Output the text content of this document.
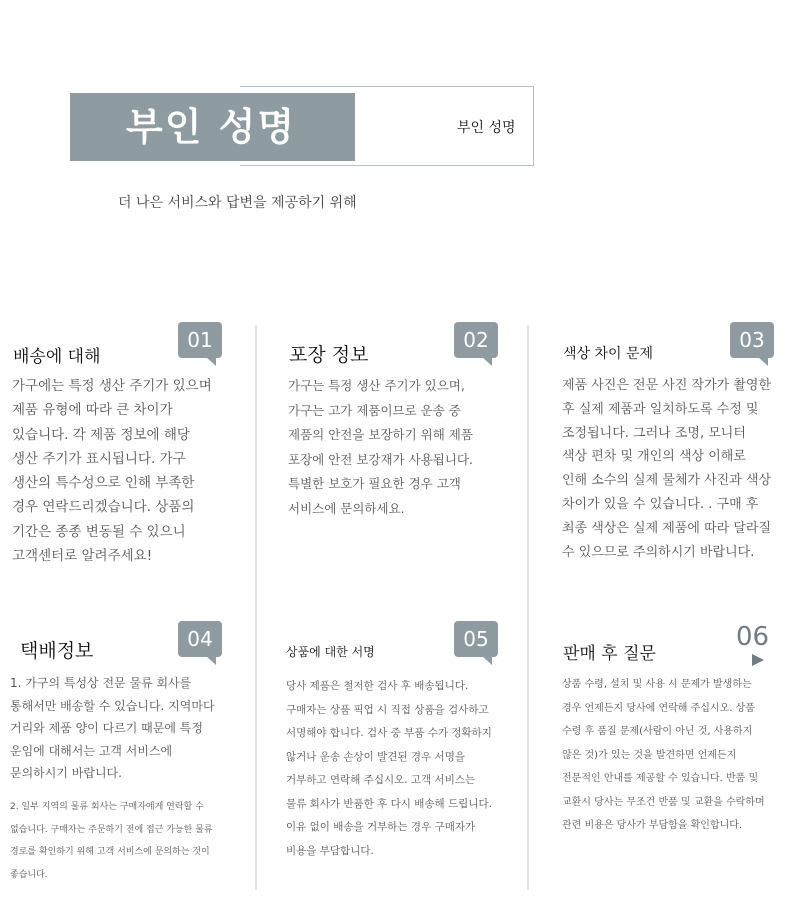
부인 성명	부인 성명
더 나은 서비스와 답변을 제공하기 위해
배송에 대해
01

가구에는 특정 생산 주기가 있으며 제품 유형에 따라 큰 차이가 있습니다. 각 제품 정보에 해당 생산 주기가 표시됩니다. 가구 생산의 특수성으로 인해 부족한 경우 연락드리겠습니다. 상품의 기간은 종종 변동될 수 있으니 고객센터로 알려주세요!

포장 정보
02

가구는 특정 생산 주기가 있으며, 가구는 고가 제품이므로 운송 중 제품의 안전을 보장하기 위해 제품 포장에 안전 보강재가 사용됩니다. 특별한 보호가 필요한 경우 고객 서비스에 문의하세요.

색상 차이 문제
03

제품 사진은 전문 사진 작가가 촬영한 후 실제 제품과 일치하도록 수정 및 조정됩니다. 그러나 조명, 모니터 색상 편차 및 개인의 색상 이해로 인해 소수의 실제 물체가 사진과 색상 차이가 있을 수 있습니다. . 구매 후 최종 색상은 실제 제품에 따라 달라질 수 있으므로 주의하시기 바랍니다.

택배정보	04

1. 가구의 특성상 전문 물류 회사를 통해서만 배송할 수 있습니다. 지역마다 거리와 제품 양이 다르기 때문에 특정 운임에 대해서는 고객 서비스에 문의하시기 바랍니다.

2. 일부 지역의 물류 회사는 구매자에게 연락할 수 없습니다. 구매자는 주문하기 전에 접근 가능한 물류 경로를 확인하기 위해 고객 서비스에 문의하는 것이 좋습니다.

상품에 대한 서명
05

당사 제품은 철저한 검사 후 배송됩니다. 구매자는 상품 픽업 시 직접 상품을 검사하고 서명해야 합니다. 검사 중 부품 수가 정확하지 않거나 운송 손상이 발견된 경우 서명을 거부하고 연락해 주십시오. 고객 서비스는 물류 회사가 반품한 후 다시 배송해 드립니다. 이유 없이 배송을 거부하는 경우 구매자가 비용을 부담합니다.

판매 후 질문
06

상품 수령, 설치 및 사용 시 문제가 발생하는 경우 언제든지 당사에 연락해 주십시오. 상품 수령 후 품질 문제(사람이 아닌 것, 사용하지 않은 것)가 있는 것을 발견하면 언제든지 전문적인 안내를 제공할 수 있습니다. 반품 및 교환시 당사는 무조건 반품 및 교환을 수락하며 관련 비용은 당사가 부담함을 확인합니다.
